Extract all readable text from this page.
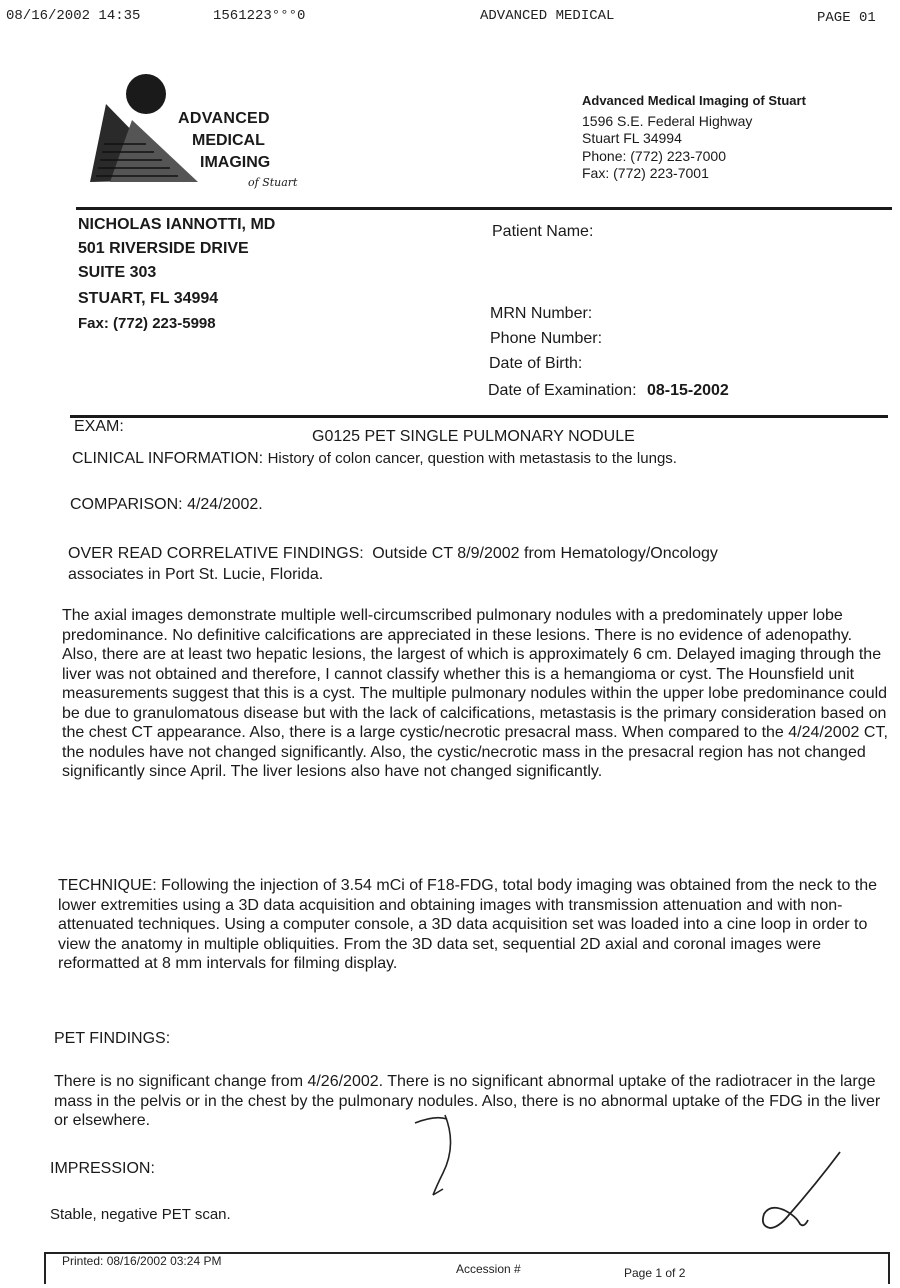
08/16/2002 14:35	1561223°°°0	ADVANCED MEDICAL	PAGE 01
ADVANCED
MEDICAL
IMAGING
of Stuart
Advanced Medical Imaging of Stuart
1596 S.E. Federal Highway
Stuart FL 34994
Phone: (772) 223-7000
Fax: (772) 223-7001
NICHOLAS IANNOTTI, MD
501 RIVERSIDE DRIVE
SUITE 303
STUART, FL 34994
Fax: (772) 223-5998
Patient Name:
MRN Number:
Phone Number:
Date of Birth:
Date of Examination: 08-15-2002
EXAM:
G0125 PET SINGLE PULMONARY NODULE
CLINICAL INFORMATION: History of colon cancer, question with metastasis to the lungs.
COMPARISON: 4/24/2002.
OVER READ CORRELATIVE FINDINGS: Outside CT 8/9/2002 from Hematology/Oncology
associates in Port St. Lucie, Florida.
The axial images demonstrate multiple well-circumscribed pulmonary nodules with a predominately upper lobe predominance. No definitive calcifications are appreciated in these lesions. There is no evidence of adenopathy. Also, there are at least two hepatic lesions, the largest of which is approximately 6 cm. Delayed imaging through the liver was not obtained and therefore, I cannot classify whether this is a hemangioma or cyst. The Hounsfield unit measurements suggest that this is a cyst. The multiple pulmonary nodules within the upper lobe predominance could be due to granulomatous disease but with the lack of calcifications, metastasis is the primary consideration based on the chest CT appearance. Also, there is a large cystic/necrotic presacral mass. When compared to the 4/24/2002 CT, the nodules have not changed significantly. Also, the cystic/necrotic mass in the presacral region has not changed significantly since April. The liver lesions also have not changed significantly.
TECHNIQUE: Following the injection of 3.54 mCi of F18-FDG, total body imaging was obtained from the neck to the lower extremities using a 3D data acquisition and obtaining images with transmission attenuation and with non-attenuated techniques. Using a computer console, a 3D data acquisition set was loaded into a cine loop in order to view the anatomy in multiple obliquities. From the 3D data set, sequential 2D axial and coronal images were reformatted at 8 mm intervals for filming display.
PET FINDINGS:
There is no significant change from 4/26/2002. There is no significant abnormal uptake of the radiotracer in the large mass in the pelvis or in the chest by the pulmonary nodules. Also, there is no abnormal uptake of the FDG in the liver or elsewhere.
IMPRESSION:
Stable, negative PET scan.
Printed: 08/16/2002 03:24 PM
Accession #	Page 1 of 2
